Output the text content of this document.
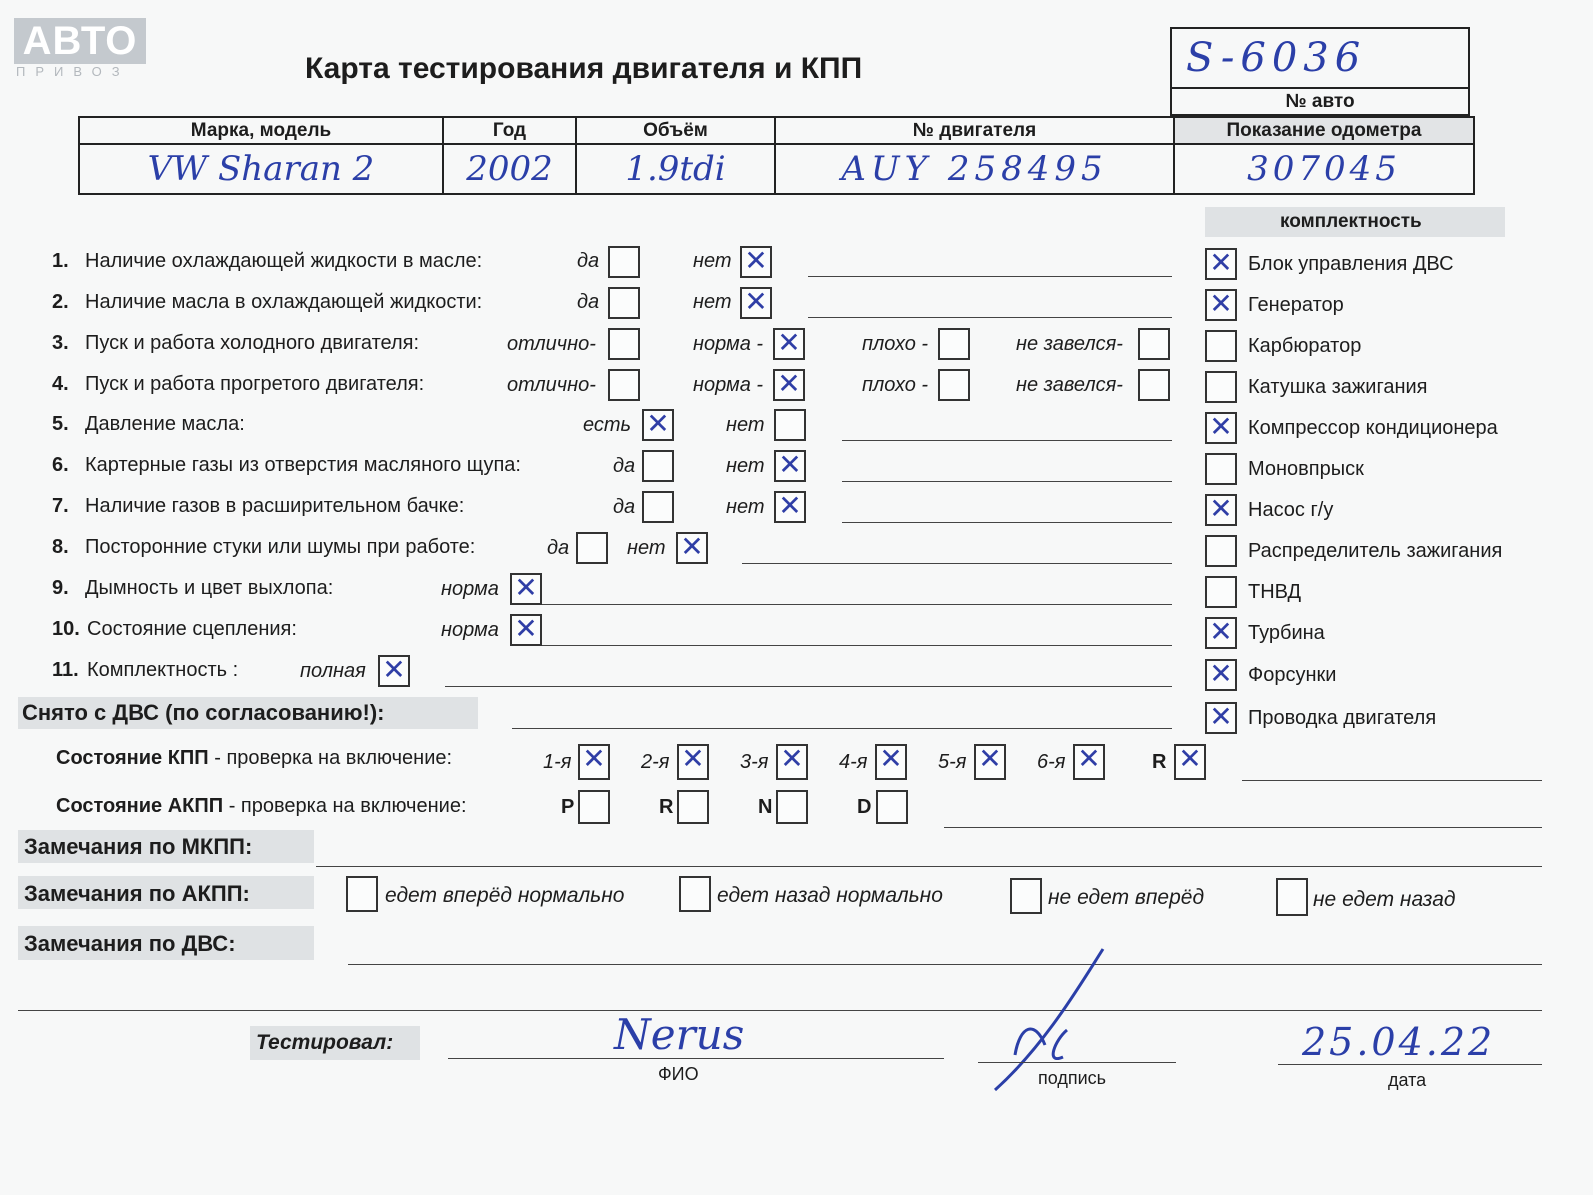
АВТО
ПРИВОЗ	Карта тестирования двигателя и КПП	S-6036
№ авто
Марка, модель	Год	Объём	№ двигателя	Показание одометра
VW Sharan 2	2002	1.9tdi	AUY 258495	307045
комплектность
1. Наличие охлаждающей жидкости в масле:	да	нет ✕
2. Наличие масла в охлаждающей жидкости:	да	нет ✕
3. Пуск и работа холодного двигателя:	отлично-	норма - ✕	плохо -	не завелся-
4. Пуск и работа прогретого двигателя:	отлично-	норма - ✕	плохо -	не завелся-
5. Давление масла:	есть ✕	нет
6. Картерные газы из отверстия масляного щупа:	да	нет ✕
7. Наличие газов в расширительном бачке:	да	нет ✕
8. Посторонние стуки или шумы при работе:	да	нет ✕
9. Дымность и цвет выхлопа:	норма ✕
10. Состояние сцепления:	норма ✕
11. Комплектность :	полная ✕
✕ Блок управления ДВС
✕ Генератор
Карбюратор
Катушка зажигания
✕ Компрессор кондиционера
Моновпрыск
✕ Насос г/у
Распределитель зажигания
ТНВД
✕ Турбина
✕ Форсунки
✕ Проводка двигателя
Снято с ДВС (по согласованию!):
Состояние КПП - проверка на включение:	1-я ✕ 2-я ✕ 3-я ✕ 4-я ✕ 5-я ✕ 6-я ✕	R ✕
Состояние АКПП - проверка на включение:	P	R	N	D
Замечания по МКПП:
Замечания по АКПП:	едет вперёд нормально	едет назад нормально	не едет вперёд	не едет назад
Замечания по ДВС:
Тестировал:	Nerus
ФИО	подпись
25.04.22
дата
